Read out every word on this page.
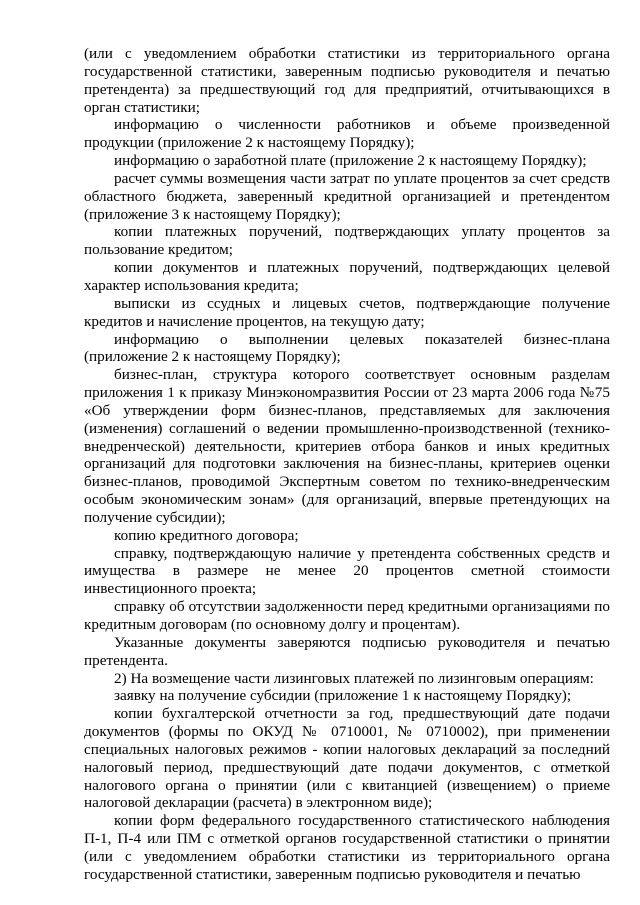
(или с уведомлением обработки статистики из территориального органа государственной статистики, заверенным подписью руководителя и печатью претендента) за предшествующий год для предприятий, отчитывающихся в орган статистики;

информацию о численности работников и объеме произведенной продукции (приложение 2 к настоящему Порядку);

информацию о заработной плате (приложение 2 к настоящему Порядку);

расчет суммы возмещения части затрат по уплате процентов за счет средств областного бюджета, заверенный кредитной организацией и претендентом (приложение 3 к настоящему Порядку);

копии платежных поручений, подтверждающих уплату процентов за пользование кредитом;

копии документов и платежных поручений, подтверждающих целевой характер использования кредита;

выписки из ссудных и лицевых счетов, подтверждающие получение кредитов и начисление процентов, на текущую дату;

информацию о выполнении целевых показателей бизнес-плана (приложение 2 к настоящему Порядку);

бизнес-план, структура которого соответствует основным разделам приложения 1 к приказу Минэкономразвития России от 23 марта 2006 года №75 «Об утверждении форм бизнес-планов, представляемых для заключения (изменения) соглашений о ведении промышленно-производственной (технико-внедренческой) деятельности, критериев отбора банков и иных кредитных организаций для подготовки заключения на бизнес-планы, критериев оценки бизнес-планов, проводимой Экспертным советом по технико-внедренческим особым экономическим зонам» (для организаций, впервые претендующих на получение субсидии);

копию кредитного договора;

справку, подтверждающую наличие у претендента собственных средств и имущества в размере не менее 20 процентов сметной стоимости инвестиционного проекта;

справку об отсутствии задолженности перед кредитными организациями по кредитным договорам (по основному долгу и процентам).

Указанные документы заверяются подписью руководителя и печатью претендента.

2) На возмещение части лизинговых платежей по лизинговым операциям:

заявку на получение субсидии (приложение 1 к настоящему Порядку);

копии бухгалтерской отчетности за год, предшествующий дате подачи документов (формы по ОКУД № 0710001, № 0710002), при применении специальных налоговых режимов - копии налоговых деклараций за последний налоговый период, предшествующий дате подачи документов, с отметкой налогового органа о принятии (или с квитанцией (извещением) о приеме налоговой декларации (расчета) в электронном виде);

копии форм федерального государственного статистического наблюдения П-1, П-4 или ПМ с отметкой органов государственной статистики о принятии (или с уведомлением обработки статистики из территориального органа государственной статистики, заверенным подписью руководителя и печатью
